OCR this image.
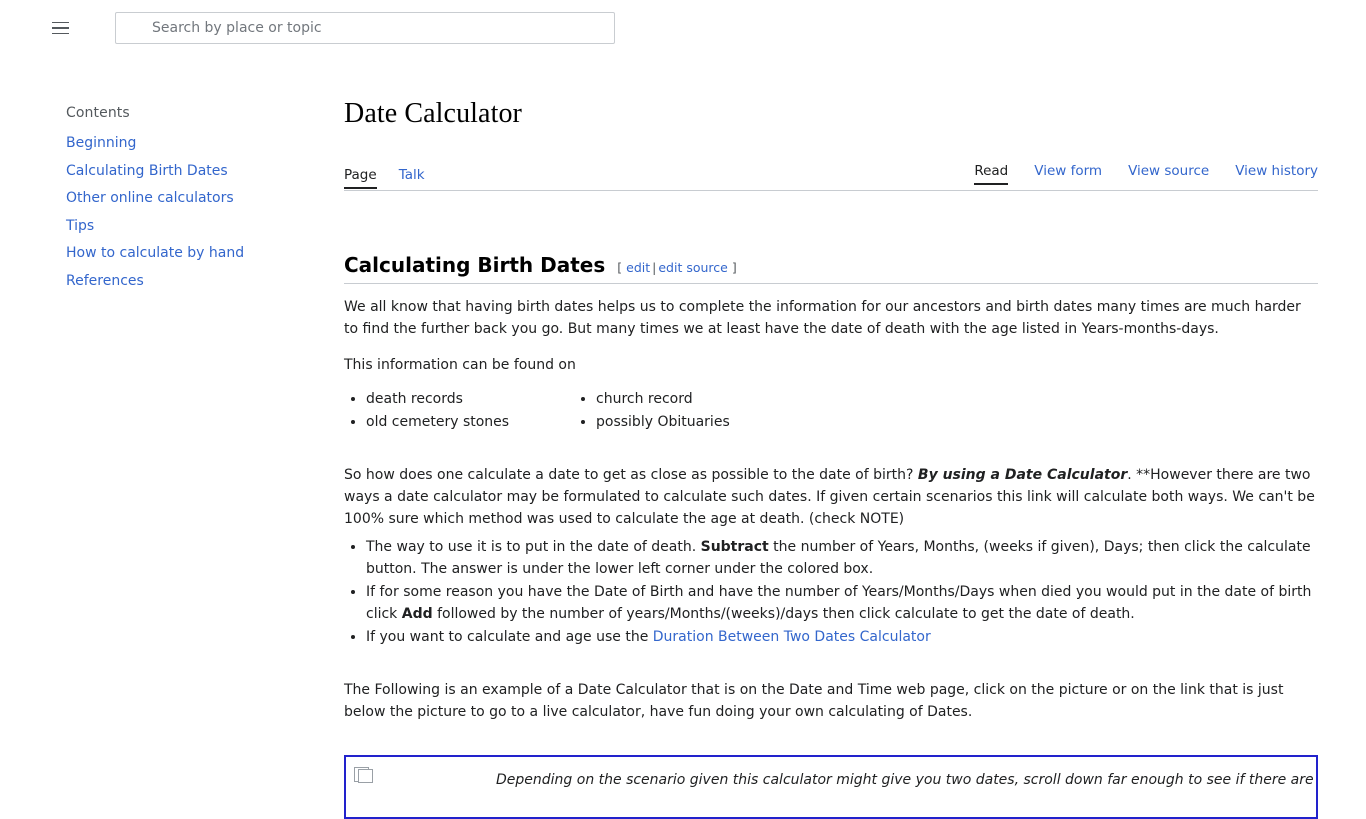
Search by place or topic
Contents
Beginning
Calculating Birth Dates
Other online calculators
Tips
How to calculate by hand
References
Date Calculator
Page Talk	Read View form View source View history
Calculating Birth Dates [ edit | edit source ]

We all know that having birth dates helps us to complete the information for our ancestors and birth dates many times are much harder to find the further back you go. But many times we at least have the date of death with the age listed in Years-months-days.

This information can be found on

• death records
• old cemetery stones
• church record
• possibly Obituaries

So how does one calculate a date to get as close as possible to the date of birth? By using a Date Calculator. **However there are two ways a date calculator may be formulated to calculate such dates. If given certain scenarios this link will calculate both ways. We can't be 100% sure which method was used to calculate the age at death. (check NOTE)

• The way to use it is to put in the date of death. Subtract the number of Years, Months, (weeks if given), Days; then click the calculate button. The answer is under the lower left corner under the colored box.
• If for some reason you have the Date of Birth and have the number of Years/Months/Days when died you would put in the date of birth click Add followed by the number of years/Months/(weeks)/days then click calculate to get the date of death.
• If you want to calculate and age use the Duration Between Two Dates Calculator

The Following is an example of a Date Calculator that is on the Date and Time web page, click on the picture or on the link that is just below the picture to go to a live calculator, have fun doing your own calculating of Dates.

Depending on the scenario given this calculator might give you two dates, scroll down far enough to see if there are
